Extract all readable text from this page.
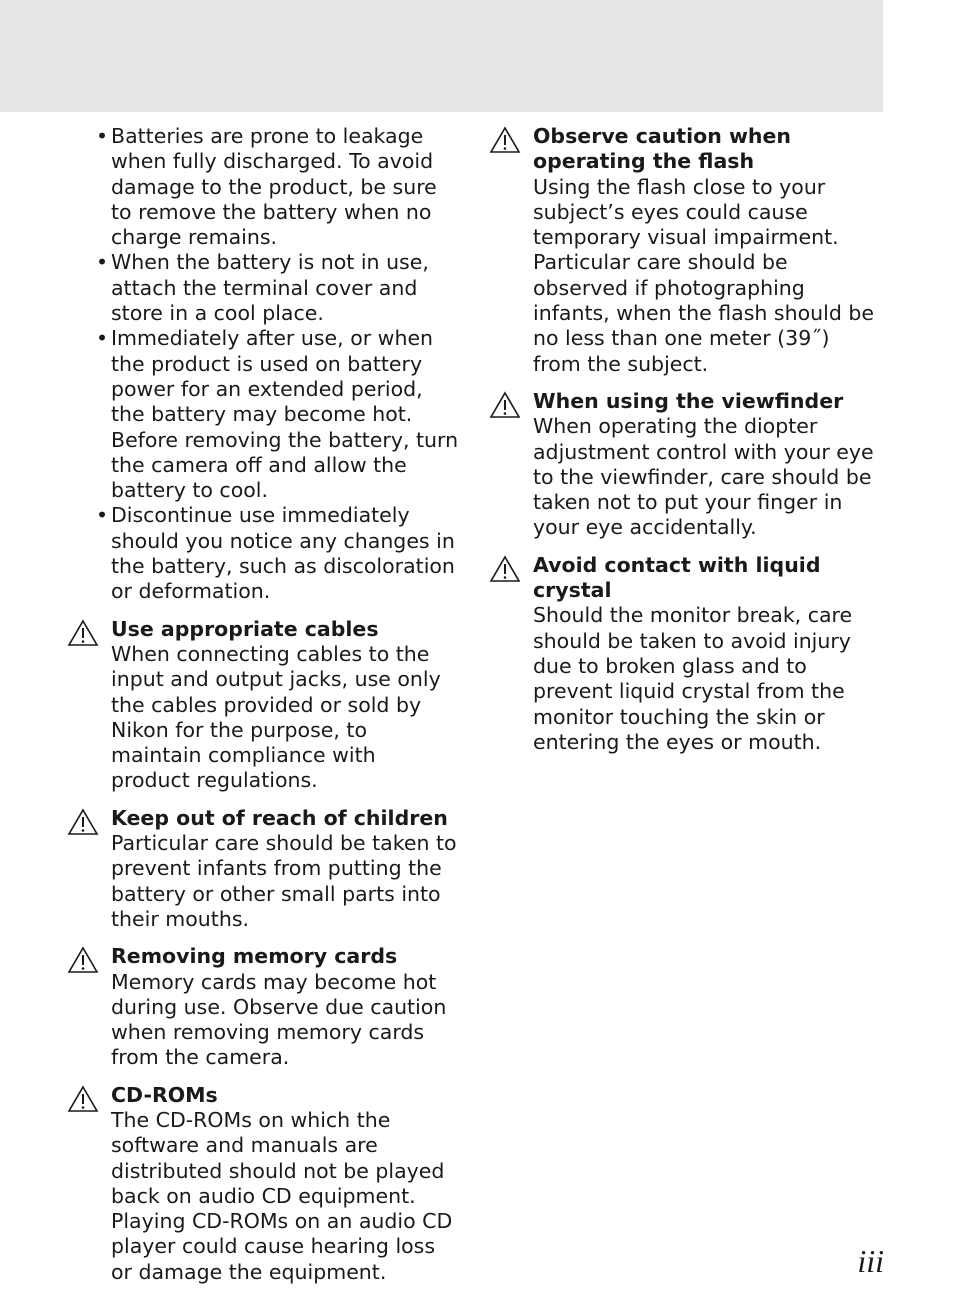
• Batteries are prone to leakage when fully discharged. To avoid damage to the product, be sure to remove the battery when no charge remains.
• When the battery is not in use, attach the terminal cover and store in a cool place.
• Immediately after use, or when the product is used on battery power for an extended period, the battery may become hot. Before removing the battery, turn the camera off and allow the battery to cool.
• Discontinue use immediately should you notice any changes in the battery, such as discoloration or deformation.
Use appropriate cables
When connecting cables to the input and output jacks, use only the cables provided or sold by Nikon for the purpose, to maintain compliance with product regulations.
Keep out of reach of children
Particular care should be taken to prevent infants from putting the battery or other small parts into their mouths.
Removing memory cards
Memory cards may become hot during use. Observe due caution when removing memory cards from the camera.
CD-ROMs
The CD-ROMs on which the software and manuals are distributed should not be played back on audio CD equipment. Playing CD-ROMs on an audio CD player could cause hearing loss or damage the equipment.
Observe caution when operating the flash
Using the flash close to your subject’s eyes could cause temporary visual impairment. Particular care should be observed if photographing infants, when the flash should be no less than one meter (39˝) from the subject.
When using the viewfinder
When operating the diopter adjustment control with your eye to the viewfinder, care should be taken not to put your finger in your eye accidentally.
Avoid contact with liquid crystal
Should the monitor break, care should be taken to avoid injury due to broken glass and to prevent liquid crystal from the monitor touching the skin or entering the eyes or mouth.
iii
